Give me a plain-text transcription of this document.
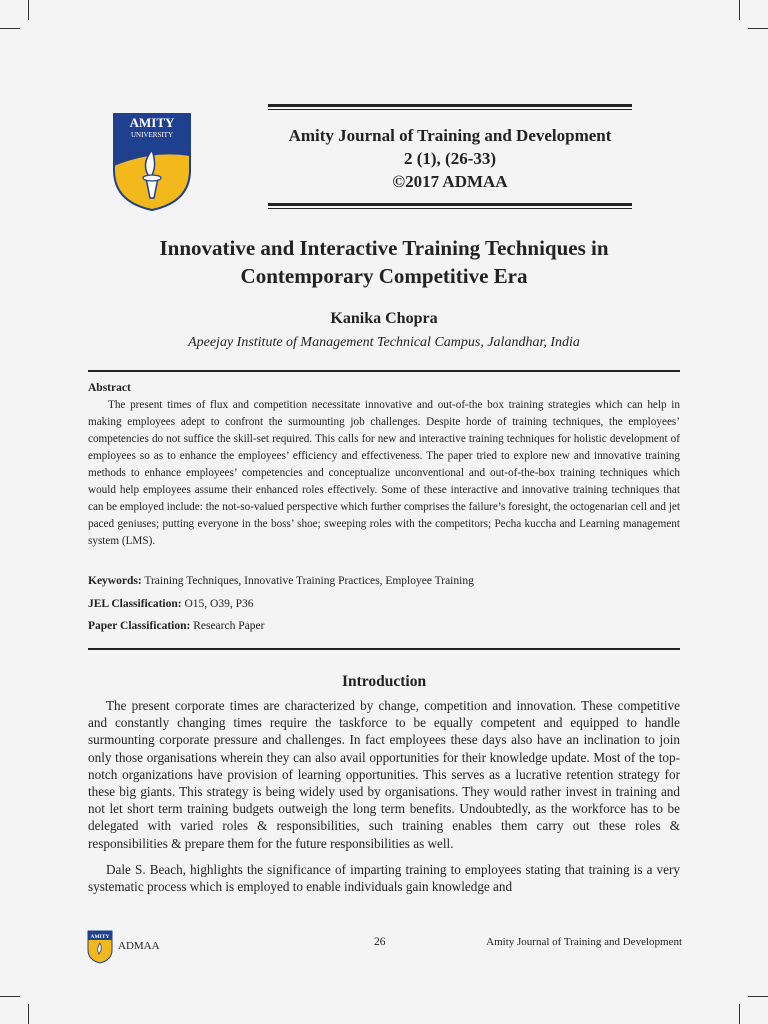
AMITY
UNIVERSITY	Amity Journal of Training and Development
2 (1), (26-33)
©2017 ADMAA
Innovative and Interactive Training Techniques in
Contemporary Competitive Era
Kanika Chopra
Apeejay Institute of Management Technical Campus, Jalandhar, India
Abstract

The present times of flux and competition necessitate innovative and out-of-the box training strategies which can help in making employees adept to confront the surmounting job challenges. Despite horde of training techniques, the employees’ competencies do not suffice the skill-set required. This calls for new and interactive training techniques for holistic development of employees so as to enhance the employees’ efficiency and effectiveness. The paper tried to explore new and innovative training methods to enhance employees’ competencies and conceptualize unconventional and out-of-the-box training techniques which would help employees assume their enhanced roles effectively. Some of these interactive and innovative training techniques that can be employed include: the not-so-valued perspective which further comprises the failure’s foresight, the octogenarian cell and jet paced geniuses; putting everyone in the boss’ shoe; sweeping roles with the competitors; Pecha kuccha and Learning management system (LMS).

Keywords: Training Techniques, Innovative Training Practices, Employee Training
JEL Classification: O15, O39, P36
Paper Classification: Research Paper
Introduction

The present corporate times are characterized by change, competition and innovation. These competitive and constantly changing times require the taskforce to be equally competent and equipped to handle surmounting corporate pressure and challenges. In fact employees these days also have an inclination to join only those organisations wherein they can also avail opportunities for their knowledge update. Most of the top-notch organizations have provision of learning opportunities. This serves as a lucrative retention strategy for these big giants. This strategy is being widely used by organisations. They would rather invest in training and not let short term training budgets outweigh the long term benefits. Undoubtedly, as the workforce has to be delegated with varied roles & responsibilities, such training enables them carry out these roles & responsibilities & prepare them for the future responsibilities as well.

Dale S. Beach, highlights the significance of imparting training to employees stating that training is a very systematic process which is employed to enable individuals gain knowledge and

AMITY
ADMAA	26	Amity Journal of Training and Development
